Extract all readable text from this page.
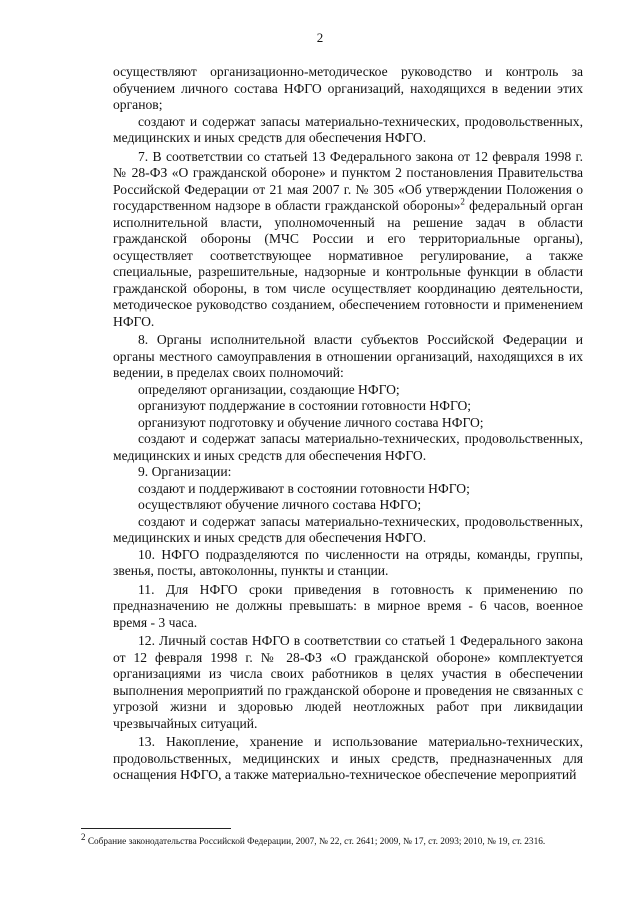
2

осуществляют организационно-методическое руководство и контроль за обучением личного состава НФГО организаций, находящихся в ведении этих органов;

создают и содержат запасы материально-технических, продовольственных, медицинских и иных средств для обеспечения НФГО.

7. В соответствии со статьей 13 Федерального закона от 12 февраля 1998 г. № 28-ФЗ «О гражданской обороне» и пунктом 2 постановления Правительства Российской Федерации от 21 мая 2007 г. № 305 «Об утверждении Положения о государственном надзоре в области гражданской обороны»$^2$ федеральный орган исполнительной власти, уполномоченный на решение задач в области гражданской обороны (МЧС России и его территориальные органы), осуществляет соответствующее нормативное регулирование, а также специальные, разрешительные, надзорные и контрольные функции в области гражданской обороны, в том числе осуществляет координацию деятельности, методическое руководство созданием, обеспечением готовности и применением НФГО.

8. Органы исполнительной власти субъектов Российской Федерации и органы местного самоуправления в отношении организаций, находящихся в их ведении, в пределах своих полномочий:

определяют организации, создающие НФГО;

организуют поддержание в состоянии готовности НФГО;

организуют подготовку и обучение личного состава НФГО;

создают и содержат запасы материально-технических, продовольственных, медицинских и иных средств для обеспечения НФГО.

9. Организации:

создают и поддерживают в состоянии готовности НФГО;

осуществляют обучение личного состава НФГО;

создают и содержат запасы материально-технических, продовольственных, медицинских и иных средств для обеспечения НФГО.

10. НФГО подразделяются по численности на отряды, команды, группы, звенья, посты, автоколонны, пункты и станции.

11. Для НФГО сроки приведения в готовность к применению по предназначению не должны превышать: в мирное время - 6 часов, военное время - 3 часа.

12. Личный состав НФГО в соответствии со статьей 1 Федерального закона от 12 февраля 1998 г. № 28-ФЗ «О гражданской обороне» комплектуется организациями из числа своих работников в целях участия в обеспечении выполнения мероприятий по гражданской обороне и проведения не связанных с угрозой жизни и здоровью людей неотложных работ при ликвидации чрезвычайных ситуаций.

13. Накопление, хранение и использование материально-технических, продовольственных, медицинских и иных средств, предназначенных для оснащения НФГО, а также материально-техническое обеспечение мероприятий

$^2$ Собрание законодательства Российской Федерации, 2007, № 22, ст. 2641; 2009, № 17, ст. 2093; 2010, № 19, ст. 2316.
